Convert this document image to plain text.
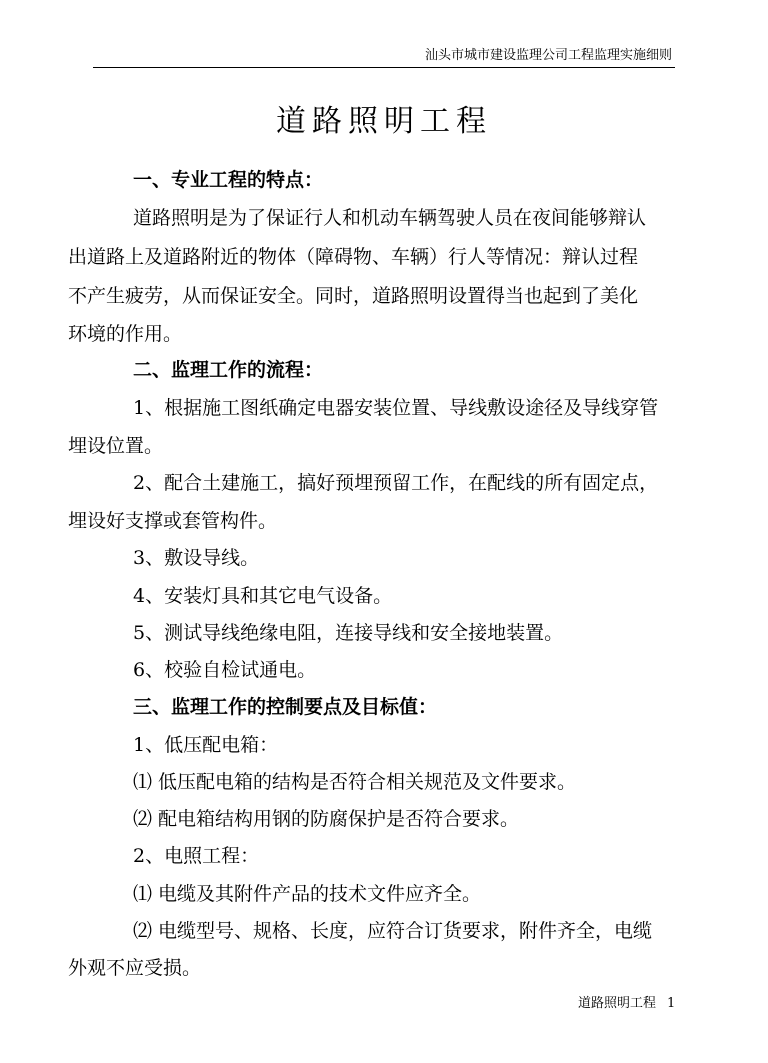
汕头市城市建设监理公司工程监理实施细则
道路照明工程
一、专业工程的特点：
道路照明是为了保证行人和机动车辆驾驶人员在夜间能够辩认
出道路上及道路附近的物体（障碍物、车辆）行人等情况：辩认过程
不产生疲劳，从而保证安全。同时，道路照明设置得当也起到了美化
环境的作用。
二、监理工作的流程：
1、根据施工图纸确定电器安装位置、导线敷设途径及导线穿管
埋设位置。
2、配合土建施工，搞好预埋预留工作，在配线的所有固定点，
埋设好支撑或套管构件。
3、敷设导线。
4、安装灯具和其它电气设备。
5、测试导线绝缘电阻，连接导线和安全接地装置。
6、校验自检试通电。
三、监理工作的控制要点及目标值：
1、低压配电箱：
⑴ 低压配电箱的结构是否符合相关规范及文件要求。
⑵ 配电箱结构用钢的防腐保护是否符合要求。
2、电照工程：
⑴ 电缆及其附件产品的技术文件应齐全。
⑵ 电缆型号、规格、长度，应符合订货要求，附件齐全，电缆
外观不应受损。
道路照明工程 1
